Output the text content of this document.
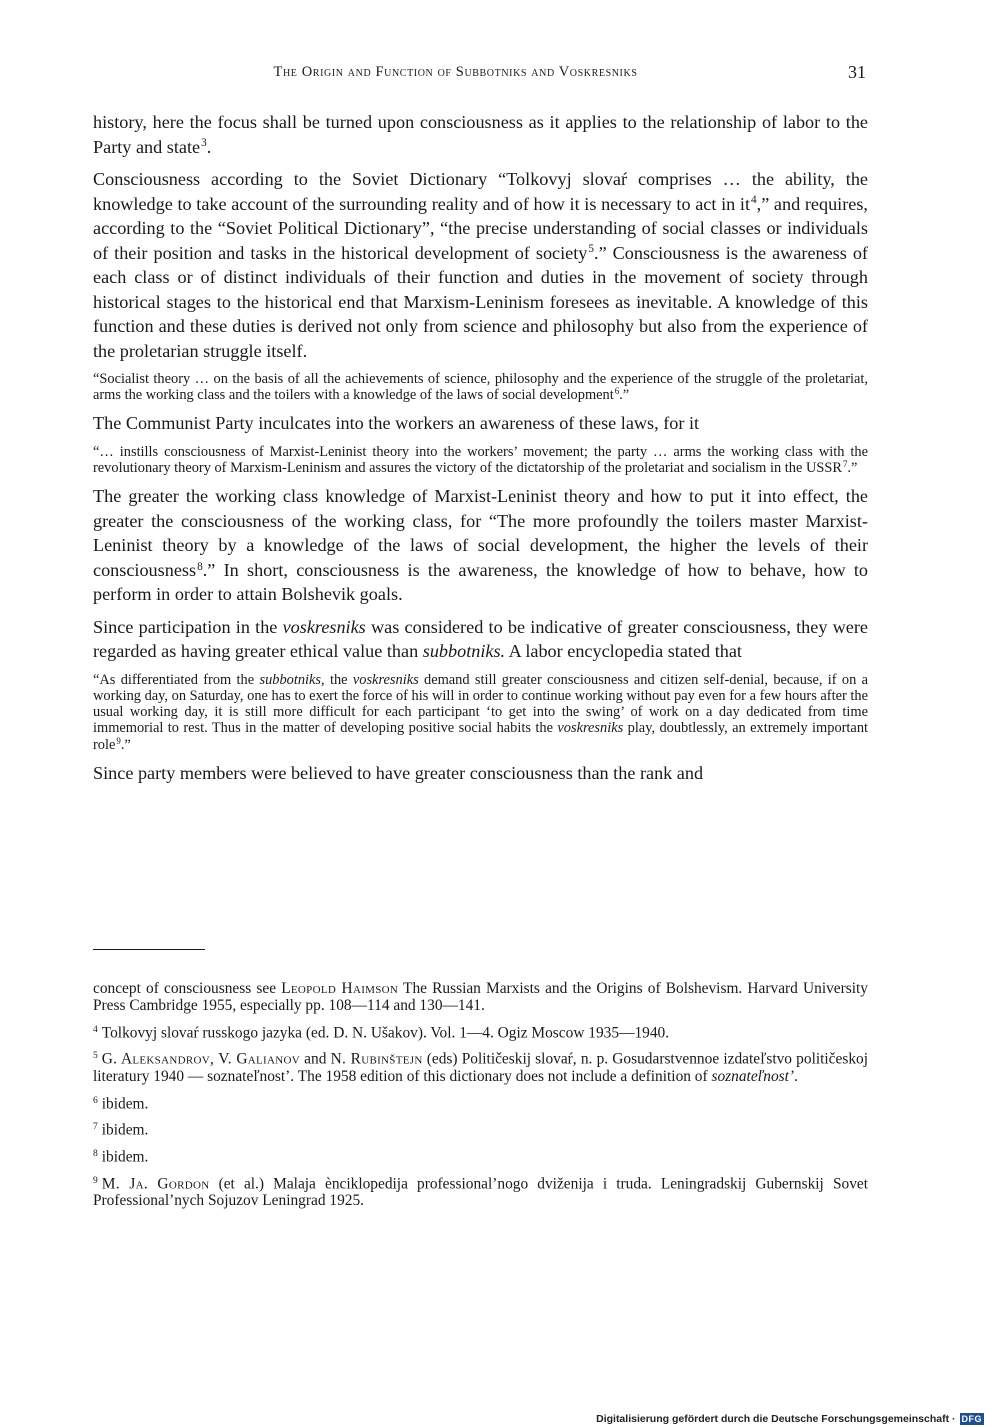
The Origin and Function of Subbotniks and Voskresniks	31

history, here the focus shall be turned upon consciousness as it applies to the relationship of labor to the Party and state$^3$.

Consciousness according to the Soviet Dictionary “Tolkovyj slovaŕ comprises … the ability, the knowledge to take account of the surrounding reality and of how it is necessary to act in $it^4$,” and requires, according to the “Soviet Political Dictionary”, “the precise understanding of social classes or individuals of their position and tasks in the historical development of society$^5$.” Consciousness is the awareness of each class or of distinct individuals of their function and duties in the movement of society through historical stages to the historical end that Marxism-Leninism foresees as inevitable. A knowledge of this function and these duties is derived not only from science and philosophy but also from the experience of the proletarian struggle itself.

“Socialist theory … on the basis of all the achievements of science, philosophy and the experience of the struggle of the proletariat, arms the working class and the toilers with a knowledge of the laws of social development$^6$.”

The Communist Party inculcates into the workers an awareness of these laws, for it

“… instills consciousness of Marxist-Leninist theory into the workers’ movement; the party … arms the working class with the revolutionary theory of Marxism-Leninism and assures the victory of the dictatorship of the proletariat and socialism in the USSR$^7$.”

The greater the working class knowledge of Marxist-Leninist theory and how to put it into effect, the greater the consciousness of the working class, for “The more profoundly the toilers master Marxist-Leninist theory by a knowledge of the laws of social development, the higher the levels of their consciousness$^8$.” In short, consciousness is the awareness, the knowledge of how to behave, how to perform in order to attain Bolshevik goals.

Since participation in the voskresniks was considered to be indicative of greater consciousness, they were regarded as having greater ethical value than subbotniks. A labor encyclopedia stated that

“As differentiated from the subbotniks, the voskresniks demand still greater consciousness and citizen self-denial, because, if on a working day, on Saturday, one has to exert the force of his will in order to continue working without pay even for a few hours after the usual working day, it is still more difficult for each participant ‘to get into the swing’ of work on a day dedicated from time immemorial to rest. Thus in the matter of developing positive social habits the voskresniks play, doubtlessly, an extremely important role$^9$.”

Since party members were believed to have greater consciousness than the rank and

concept of consciousness see Leopold Haimson The Russian Marxists and the Origins of Bolshevism. Harvard University Press Cambridge 1955, especially pp. 108—114 and 130—141.

$^4$ Tolkovyj slovaŕ russkogo jazyka (ed. D. N. Ušakov). Vol. 1—4. Ogiz Moscow 1935—1940.

$^5$ G. Aleksandrov, V. Galianov and N. Rubinštejn (eds) Političeskij slovaŕ, n. p. Gosudarstvennoe izdateľstvo političeskoj literatury 1940 — soznateľnost’. The 1958 edition of this dictionary does not include a definition of soznateľnost’.

$^6$ ibidem.

$^7$ ibidem.

$^8$ ibidem.

$^9$ M. Ja. Gordon (et al.) Malaja ènciklopedija professional’nogo dviženija i truda. Leningradskij Gubernskij Sovet Professional’nych Sojuzov Leningrad 1925.

Digitalisierung gefördert durch die Deutsche Forschungsgemeinschaft · DFG
